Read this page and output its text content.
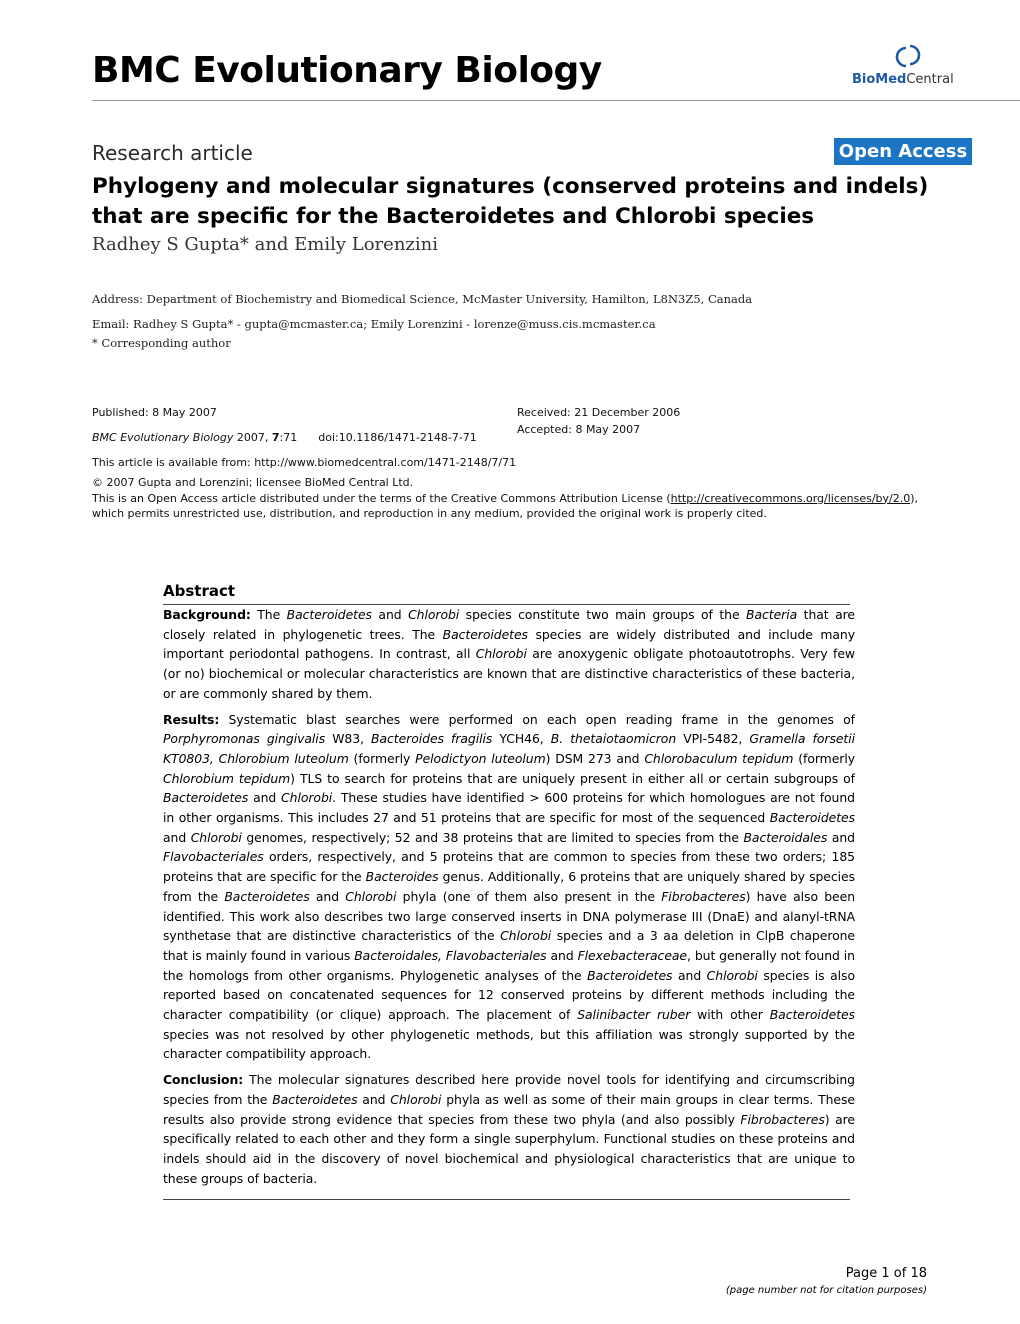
BMC Evolutionary Biology	BioMedCentral
Research article	Open Access
Phylogeny and molecular signatures (conserved proteins and indels) that are specific for the Bacteroidetes and Chlorobi species
Radhey S Gupta* and Emily Lorenzini
Address: Department of Biochemistry and Biomedical Science, McMaster University, Hamilton, L8N3Z5, Canada
Email: Radhey S Gupta* - gupta@mcmaster.ca; Emily Lorenzini - lorenze@muss.cis.mcmaster.ca
* Corresponding author
Published: 8 May 2007	Received: 21 December 2006
Accepted: 8 May 2007
BMC Evolutionary Biology 2007, 7:71 doi:10.1186/1471-2148-7-71
This article is available from: http://www.biomedcentral.com/1471-2148/7/71
© 2007 Gupta and Lorenzini; licensee BioMed Central Ltd.
This is an Open Access article distributed under the terms of the Creative Commons Attribution License (http://creativecommons.org/licenses/by/2.0),
which permits unrestricted use, distribution, and reproduction in any medium, provided the original work is properly cited.
Abstract

Background: The Bacteroidetes and Chlorobi species constitute two main groups of the Bacteria that are closely related in phylogenetic trees. The Bacteroidetes species are widely distributed and include many important periodontal pathogens. In contrast, all Chlorobi are anoxygenic obligate photoautotrophs. Very few (or no) biochemical or molecular characteristics are known that are distinctive characteristics of these bacteria, or are commonly shared by them.

Results: Systematic blast searches were performed on each open reading frame in the genomes of Porphyromonas gingivalis W83, Bacteroides fragilis YCH46, B. thetaiotaomicron VPI-5482, Gramella forsetii KT0803, Chlorobium luteolum (formerly Pelodictyon luteolum) DSM 273 and Chlorobaculum tepidum (formerly Chlorobium tepidum) TLS to search for proteins that are uniquely present in either all or certain subgroups of Bacteroidetes and Chlorobi. These studies have identified > 600 proteins for which homologues are not found in other organisms. This includes 27 and 51 proteins that are specific for most of the sequenced Bacteroidetes and Chlorobi genomes, respectively; 52 and 38 proteins that are limited to species from the Bacteroidales and Flavobacteriales orders, respectively, and 5 proteins that are common to species from these two orders; 185 proteins that are specific for the Bacteroides genus. Additionally, 6 proteins that are uniquely shared by species from the Bacteroidetes and Chlorobi phyla (one of them also present in the Fibrobacteres) have also been identified. This work also describes two large conserved inserts in DNA polymerase III (DnaE) and alanyl-tRNA synthetase that are distinctive characteristics of the Chlorobi species and a 3 aa deletion in ClpB chaperone that is mainly found in various Bacteroidales, Flavobacteriales and Flexebacteraceae, but generally not found in the homologs from other organisms. Phylogenetic analyses of the Bacteroidetes and Chlorobi species is also reported based on concatenated sequences for 12 conserved proteins by different methods including the character compatibility (or clique) approach. The placement of Salinibacter ruber with other Bacteroidetes species was not resolved by other phylogenetic methods, but this affiliation was strongly supported by the character compatibility approach.

Conclusion: The molecular signatures described here provide novel tools for identifying and circumscribing species from the Bacteroidetes and Chlorobi phyla as well as some of their main groups in clear terms. These results also provide strong evidence that species from these two phyla (and also possibly Fibrobacteres) are specifically related to each other and they form a single superphylum. Functional studies on these proteins and indels should aid in the discovery of novel biochemical and physiological characteristics that are unique to these groups of bacteria.

Page 1 of 18
(page number not for citation purposes)
